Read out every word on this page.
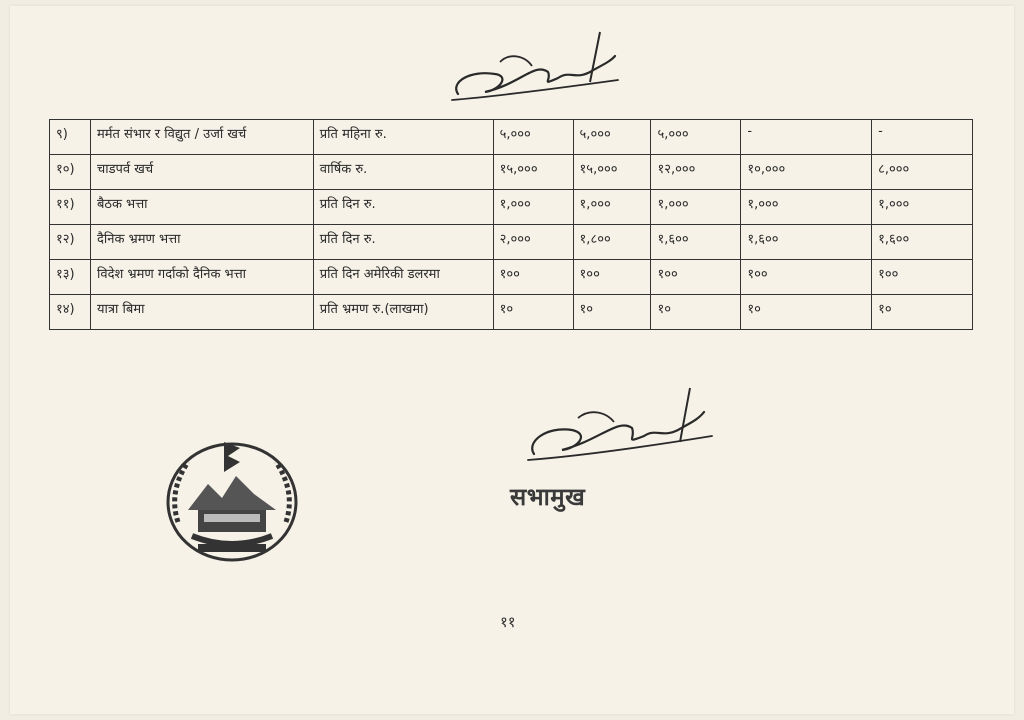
९)	मर्मत संभार र विद्युत / उर्जा खर्च	प्रति महिना रु.	५,०००	५,०००	५,०००	-	-
१०)	चाडपर्व खर्च	वार्षिक रु.	१५,०००	१५,०००	१२,०००	१०,०००	८,०००
११)	बैठक भत्ता	प्रति दिन रु.	१,०००	१,०००	१,०००	१,०००	१,०००
१२)	दैनिक भ्रमण भत्ता	प्रति दिन रु.	२,०००	१,८००	१,६००	१,६००	१,६००
१३)	विदेश भ्रमण गर्दाको दैनिक भत्ता	प्रति दिन अमेरिकी डलरमा	१००	१००	१००	१००	१००
१४)	यात्रा बिमा	प्रति भ्रमण रु.(लाखमा)	१०	१०	१०	१०	१०
सभामुख
११
